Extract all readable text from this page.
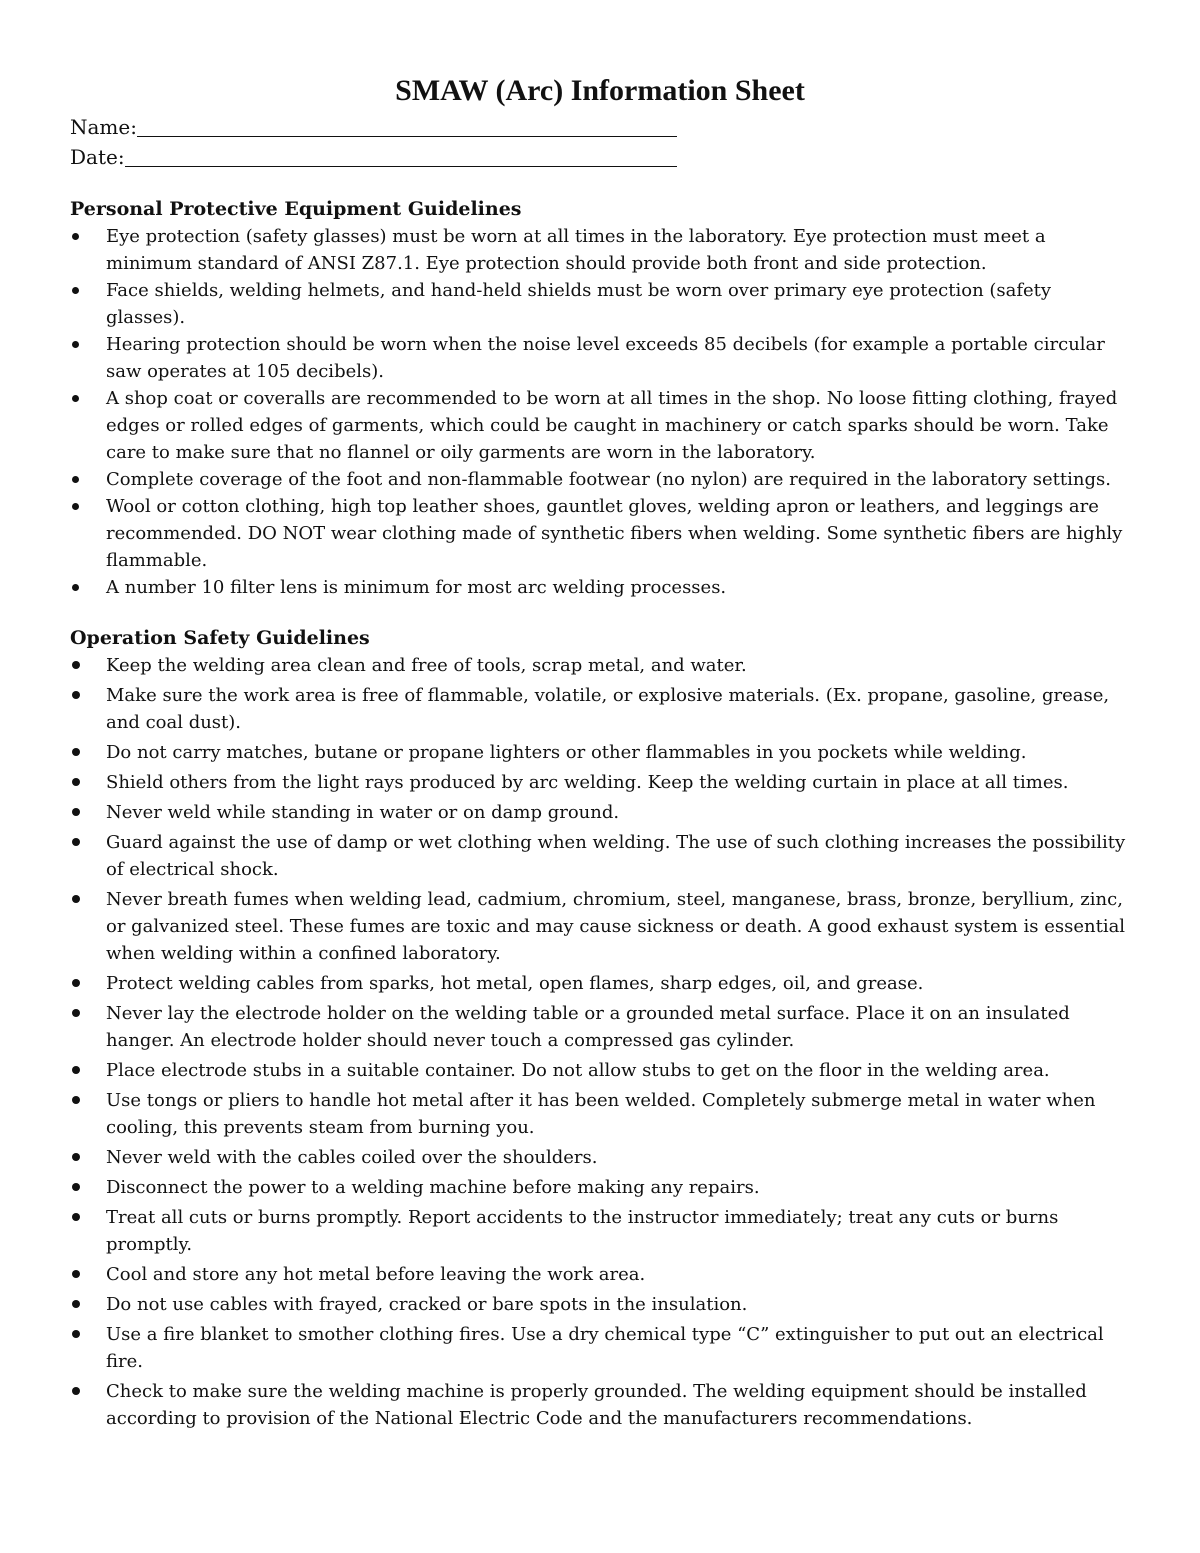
SMAW (Arc) Information Sheet
Name:
Date:
Personal Protective Equipment Guidelines
Eye protection (safety glasses) must be worn at all times in the laboratory. Eye protection must meet a minimum standard of ANSI Z87.1. Eye protection should provide both front and side protection.
Face shields, welding helmets, and hand-held shields must be worn over primary eye protection (safety glasses).
Hearing protection should be worn when the noise level exceeds 85 decibels (for example a portable circular saw operates at 105 decibels).
A shop coat or coveralls are recommended to be worn at all times in the shop. No loose fitting clothing, frayed edges or rolled edges of garments, which could be caught in machinery or catch sparks should be worn. Take care to make sure that no flannel or oily garments are worn in the laboratory.
Complete coverage of the foot and non-flammable footwear (no nylon) are required in the laboratory settings.
Wool or cotton clothing, high top leather shoes, gauntlet gloves, welding apron or leathers, and leggings are recommended. DO NOT wear clothing made of synthetic fibers when welding. Some synthetic fibers are highly flammable.
A number 10 filter lens is minimum for most arc welding processes.
Operation Safety Guidelines
Keep the welding area clean and free of tools, scrap metal, and water.
Make sure the work area is free of flammable, volatile, or explosive materials. (Ex. propane, gasoline, grease, and coal dust).
Do not carry matches, butane or propane lighters or other flammables in you pockets while welding.
Shield others from the light rays produced by arc welding. Keep the welding curtain in place at all times.
Never weld while standing in water or on damp ground.
Guard against the use of damp or wet clothing when welding. The use of such clothing increases the possibility of electrical shock.
Never breath fumes when welding lead, cadmium, chromium, steel, manganese, brass, bronze, beryllium, zinc, or galvanized steel. These fumes are toxic and may cause sickness or death. A good exhaust system is essential when welding within a confined laboratory.
Protect welding cables from sparks, hot metal, open flames, sharp edges, oil, and grease.
Never lay the electrode holder on the welding table or a grounded metal surface. Place it on an insulated hanger. An electrode holder should never touch a compressed gas cylinder.
Place electrode stubs in a suitable container. Do not allow stubs to get on the floor in the welding area.
Use tongs or pliers to handle hot metal after it has been welded. Completely submerge metal in water when cooling, this prevents steam from burning you.
Never weld with the cables coiled over the shoulders.
Disconnect the power to a welding machine before making any repairs.
Treat all cuts or burns promptly. Report accidents to the instructor immediately; treat any cuts or burns promptly.
Cool and store any hot metal before leaving the work area.
Do not use cables with frayed, cracked or bare spots in the insulation.
Use a fire blanket to smother clothing fires. Use a dry chemical type “C” extinguisher to put out an electrical fire.
Check to make sure the welding machine is properly grounded. The welding equipment should be installed according to provision of the National Electric Code and the manufacturers recommendations.
